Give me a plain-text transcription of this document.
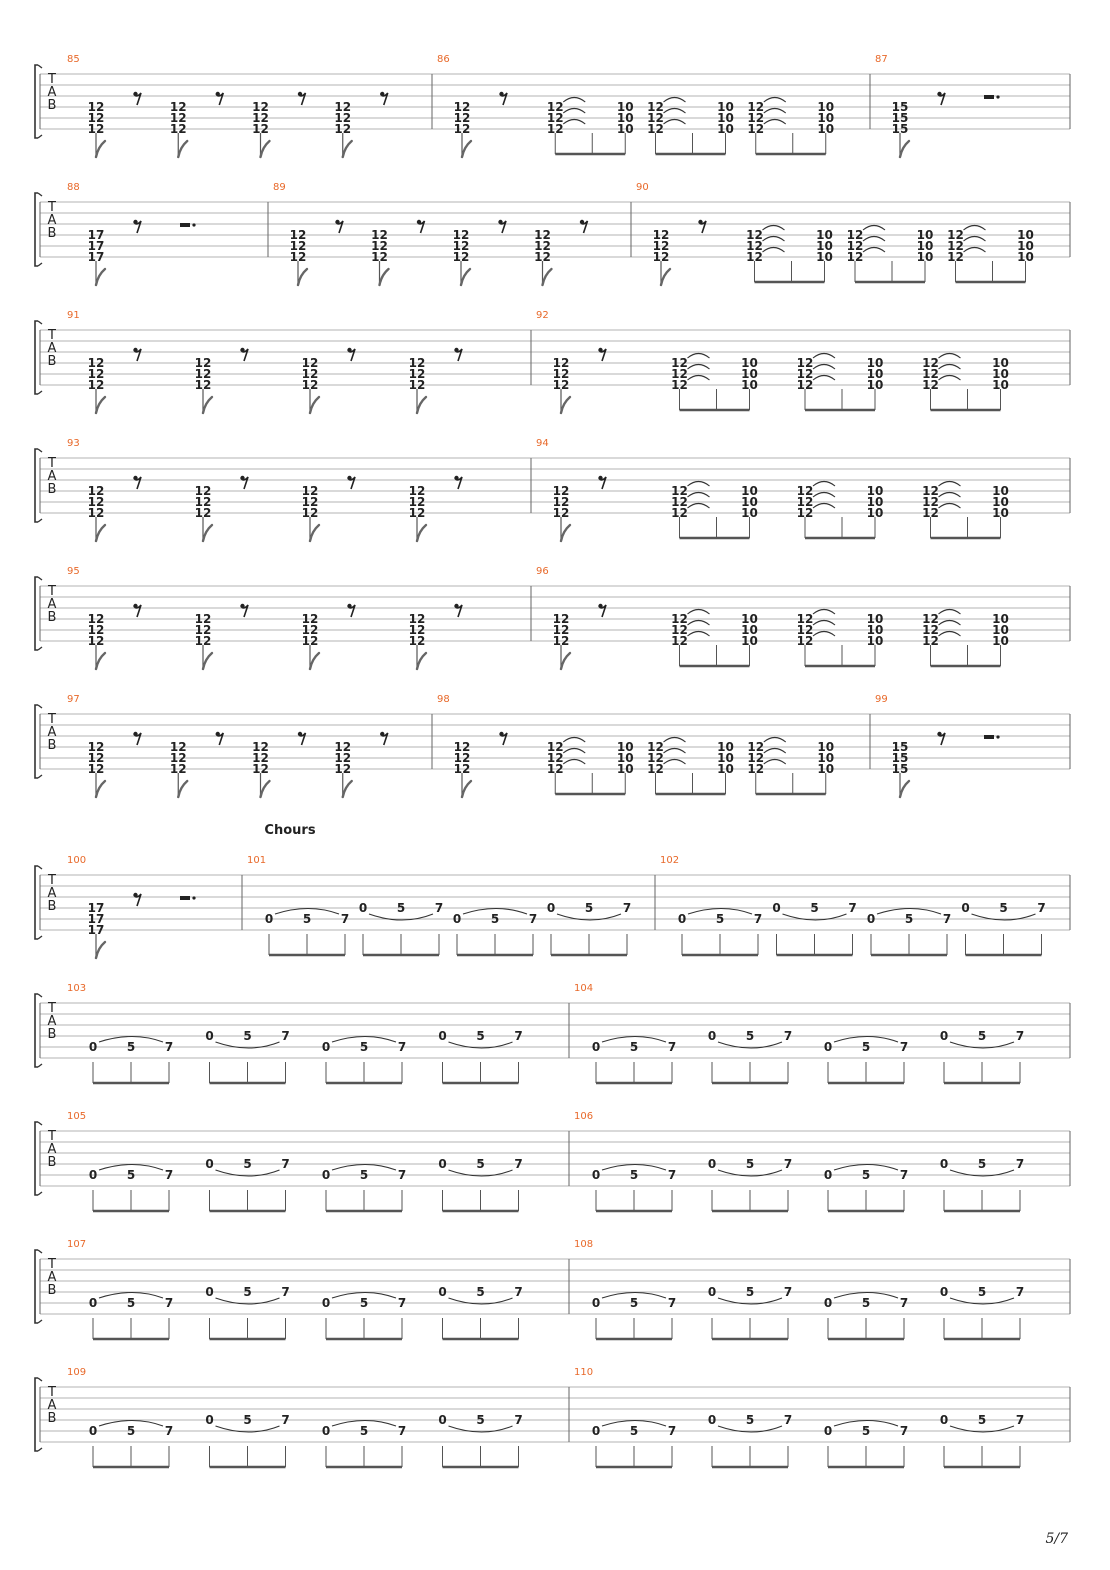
Chours
T
A
B
85
12
12
12
12
12
12
12
12
12
12
12
12
86
12
12
12
12	10
12	10
12	10
12	10
12	10
12	10
12	10
12	10
12	10
87
15
15
15
T
A
B
88
17
17
17
89
12
12
12
12
12
12
12
12
12
12
12
12
90
12
12
12
12	10
12	10
12	10
12	10
12	10
12	10
12	10
12	10
12	10
T
A
B
91
12
12
12
12
12
12
12
12
12
12
12
12
92
12
12
12
12	10
12	10
12	10
12	10
12	10
12	10
12	10
12	10
12	10
T
A
B
93
12
12
12
12
12
12
12
12
12
12
12
12
94
12
12
12
12	10
12	10
12	10
12	10
12	10
12	10
12	10
12	10
12	10
T
A
B
95
12
12
12
12
12
12
12
12
12
12
12
12
96
12
12
12
12	10
12	10
12	10
12	10
12	10
12	10
12	10
12	10
12	10
T
A
B
97
12
12
12
12
12
12
12
12
12
12
12
12
98
12
12
12
12	10
12	10
12	10
12	10
12	10
12	10
12	10
12	10
12	10
99
15
15
15
T
A
B
100
17
17
17
101
0 5 7
0 5 7
0 5 7
0 5 7
102
0 5 7
0 5 7
0 5 7
0 5 7
T
A
B
103
0 5 7
0 5 7
0 5 7
0 5 7
104
0 5 7
0 5 7
0 5 7
0 5 7
T
A
B
105
0 5 7
0 5 7
0 5 7
0 5 7
106
0 5 7
0 5 7
0 5 7
0 5 7
T
A
B
107
0 5 7
0 5 7
0 5 7
0 5 7
108
0 5 7
0 5 7
0 5 7
0 5 7
T
A
B
109
0 5 7
0 5 7
0 5 7
0 5 7
110
0 5 7
0 5 7
0 5 7
0 5 7
5/7
